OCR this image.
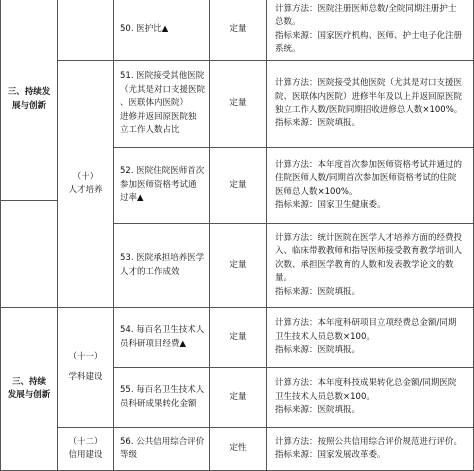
三、持续发
展与创新
三、持续
发展与创新
（十）
人才培养
（十一）
学科建设
（十二）
信用建设
50. 医护比▲	定量
计算方法：医院注册医师总数/全院同期注册护士
总数。
指标来源：国家医疗机构、医师、护士电子化注册
系统。
51. 医院接受其他医院
（尤其是对口支援医院
、医联体内医院）
进修并返回原医院独
立工作人数占比
定量
计算方法：医院接受其他医院（尤其是对口支援医
院、医联体内医院）进修半年及以上并返回原医院
独立工作人数/医院同期招收进修总人数×100%。
指标来源：医院填报。
52. 医院住院医师首次
参加医师资格考试通
过率▲
定量
计算方法：本年度首次参加医师资格考试并通过的
住院医师人数/同期首次参加医师资格考试的住院
医师总人数×100%。
指标来源：国家卫生健康委。
53. 医院承担培养医学
人才的工作成效
定量
计算方法：统计医院在医学人才培养方面的经费投
入、临床带教教师和指导医师接受教育教学培训人
次数、承担医学教育的人数和发表教学论文的数
量。
指标来源：医院填报。
54. 每百名卫生技术人
员科研项目经费▲
定量
计算方法：本年度科研项目立项经费总金额/同期
卫生技术人员总数×100。
指标来源：医院填报。
55. 每百名卫生技术人
员科研成果转化金额
定量
计算方法：本年度科技成果转化总金额/同期医院
卫生技术人员总数×100。
指标来源：医院填报。
56. 公共信用综合评价
等级
定性
计算方法：按照公共信用综合评价规范进行评价。
指标来源：国家发展改革委。
